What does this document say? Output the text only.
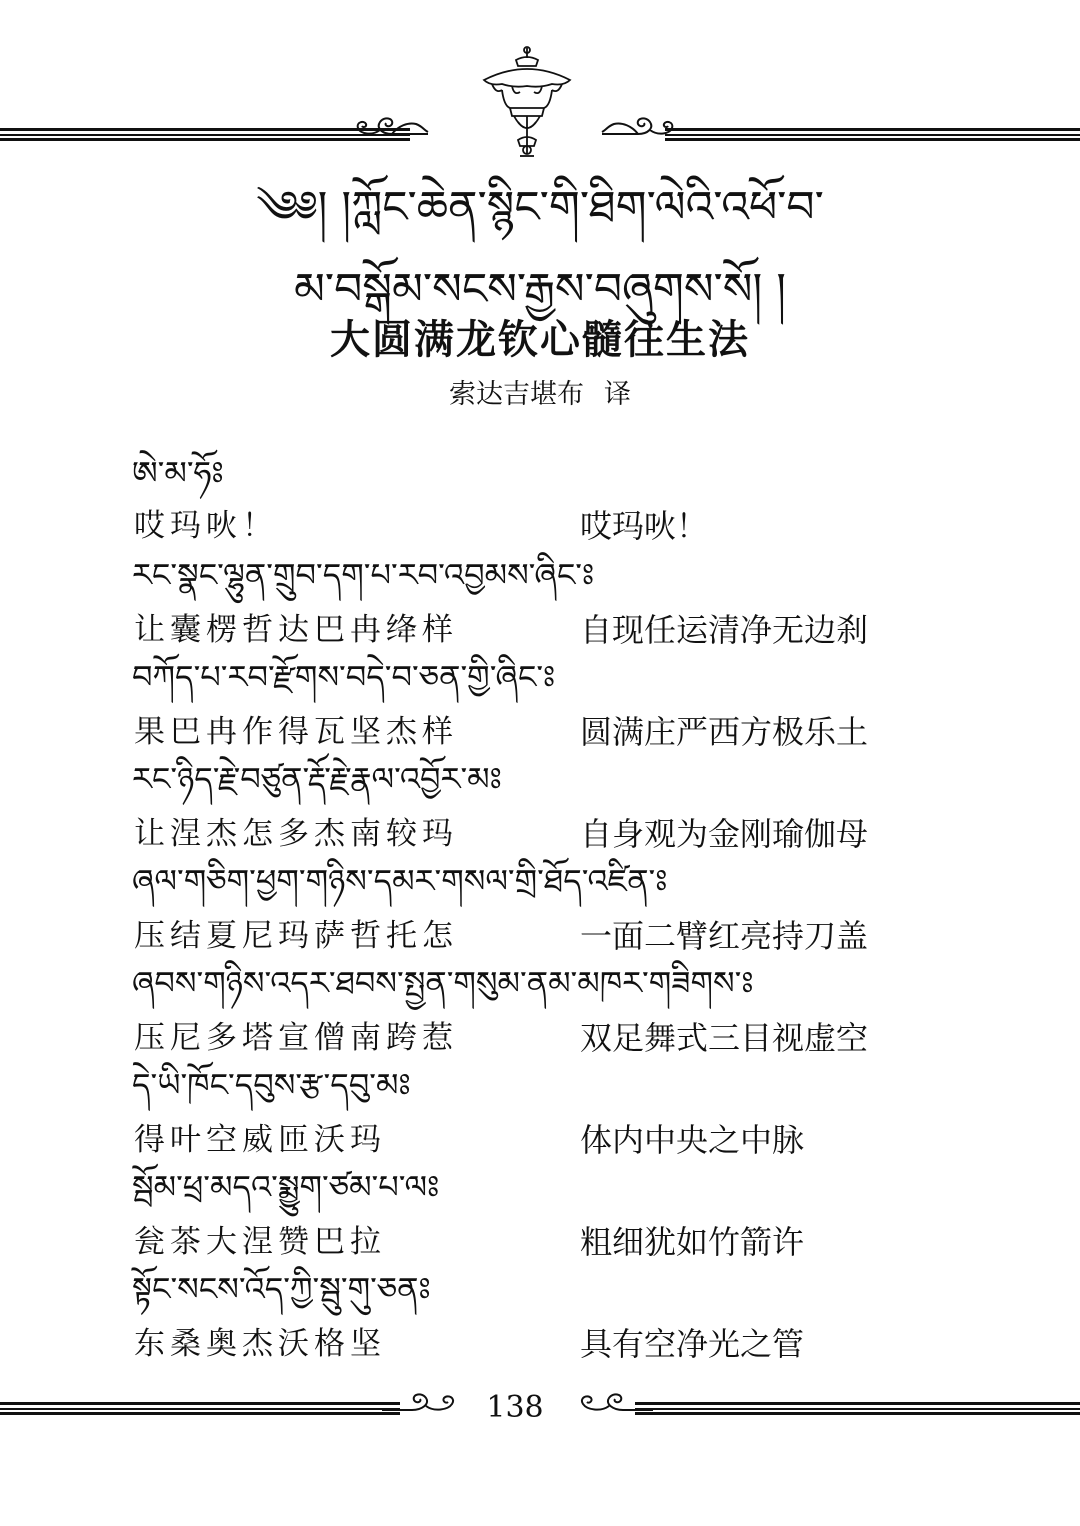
༄༅། །ཀློང་ཆེན་སྙིང་གི་ཐིག་ལེའི་འཕོ་བ་
མ་བསྒོམ་སངས་རྒྱས་བཞུགས་སོ། །
大圆满龙钦心髓往生法
索达吉堪布 译
ཨེ་མ་ཧོཿ
哎玛吙！	哎玛吙！
རང་སྣང་ལྷུན་གྲུབ་དག་པ་རབ་འབྱམས་ཞིང་ཿ
让囊楞哲达巴冉绛样	自现任运清净无边刹
བཀོད་པ་རབ་རྫོགས་བདེ་བ་ཅན་གྱི་ཞིང་ཿ
果巴冉作得瓦坚杰样	圆满庄严西方极乐土
རང་ཉིད་རྗེ་བཙུན་རྡོ་རྗེ་རྣལ་འབྱོར་མཿ
让涅杰怎多杰南较玛	自身观为金刚瑜伽母
ཞལ་གཅིག་ཕྱག་གཉིས་དམར་གསལ་གྲི་ཐོད་འཛིན་ཿ
压结夏尼玛萨哲托怎	一面二臂红亮持刀盖
ཞབས་གཉིས་འདར་ཐབས་སྤྱན་གསུམ་ནམ་མཁར་གཟིགས་ཿ
压尼多塔宣僧南跨惹	双足舞式三目视虚空
དེ་ཡི་ཁོང་དབུས་རྩ་དབུ་མཿ
得叶空威匝沃玛	体内中央之中脉
སྦོམ་ཕྲ་མདའ་སྨྱུག་ཙམ་པ་ལཿ
瓮茶大涅赞巴拉	粗细犹如竹箭许
སྟོང་སངས་འོད་ཀྱི་སྦུ་གུ་ཅནཿ
东桑奥杰沃格坚	具有空净光之管
138
